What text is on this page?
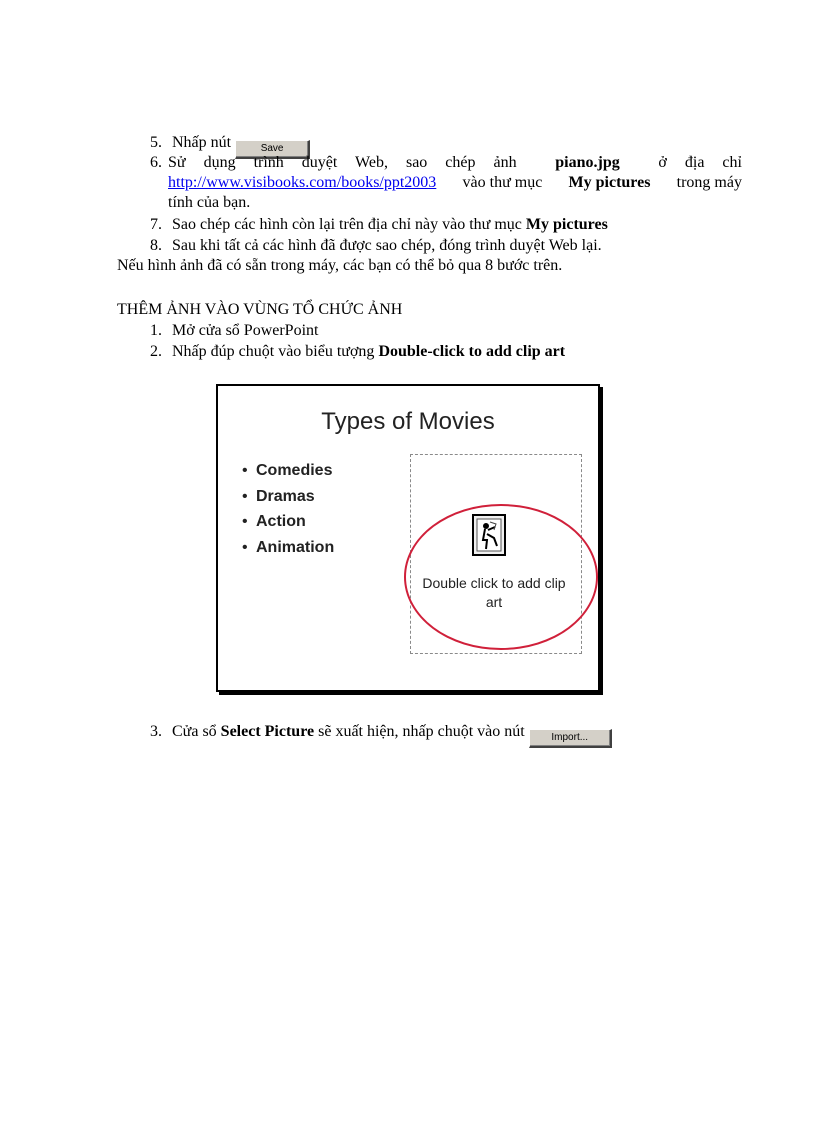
5. Nhấp nút	Save
6. Sử dụng trình duyệt Web, sao chép ảnh piano.jpg ở địa chỉ
http://www.visibooks.com/books/ppt2003 vào thư mục My pictures trong máy
tính của bạn.
7. Sao chép các hình còn lại trên địa chỉ này vào thư mục My pictures
8. Sau khi tất cả các hình đã được sao chép, đóng trình duyệt Web lại.
Nếu hình ảnh đã có sẵn trong máy, các bạn có thể bỏ qua 8 bước trên.
THÊM ẢNH VÀO VÙNG TỔ CHỨC ẢNH
1. Mở cửa sổ PowerPoint
2. Nhấp đúp chuột vào biểu tượng Double-click to add clip art
Types of Movies
• Comedies
• Dramas
• Action
• Animation
Double click to add clip art
3. Cửa sổ Select Picture sẽ xuất hiện, nhấp chuột vào nút	Import...
